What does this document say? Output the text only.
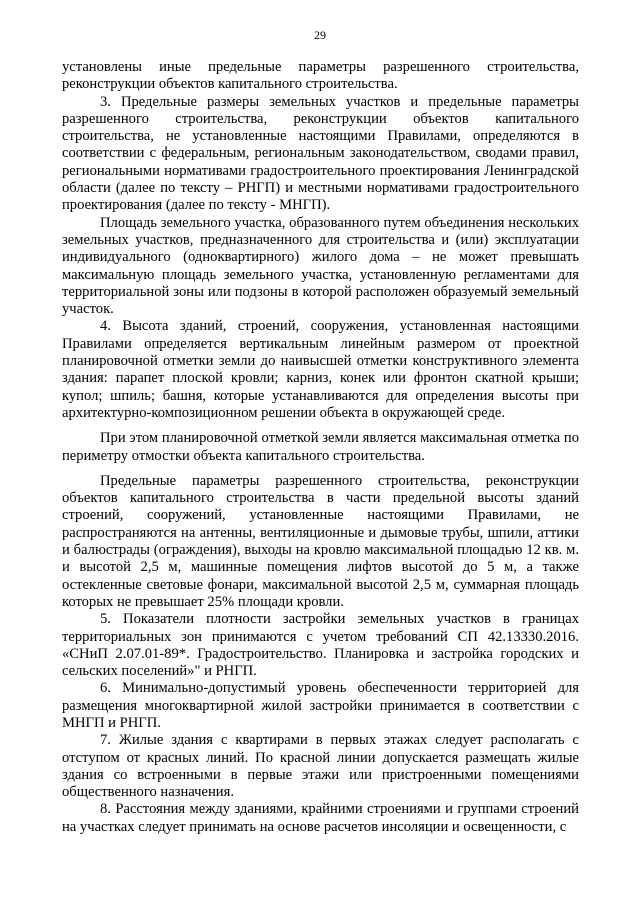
29

установлены иные предельные параметры разрешенного строительства, реконструкции объектов капитального строительства.

3. Предельные размеры земельных участков и предельные параметры разрешенного строительства, реконструкции объектов капитального строительства, не установленные настоящими Правилами, определяются в соответствии с федеральным, региональным законодательством, сводами правил, региональными нормативами градостроительного проектирования Ленинградской области (далее по тексту – РНГП) и местными нормативами градостроительного проектирования (далее по тексту - МНГП).

Площадь земельного участка, образованного путем объединения нескольких земельных участков, предназначенного для строительства и (или) эксплуатации индивидуального (одноквартирного) жилого дома – не может превышать максимальную площадь земельного участка, установленную регламентами для территориальной зоны или подзоны в которой расположен образуемый земельный участок.

4. Высота зданий, строений, сооружения, установленная настоящими Правилами определяется вертикальным линейным размером от проектной планировочной отметки земли до наивысшей отметки конструктивного элемента здания: парапет плоской кровли; карниз, конек или фронтон скатной крыши; купол; шпиль; башня, которые устанавливаются для определения высоты при архитектурно-композиционном решении объекта в окружающей среде.

При этом планировочной отметкой земли является максимальная отметка по периметру отмостки объекта капитального строительства.

Предельные параметры разрешенного строительства, реконструкции объектов капитального строительства в части предельной высоты зданий строений, сооружений, установленные настоящими Правилами, не распространяются на антенны, вентиляционные и дымовые трубы, шпили, аттики и балюстрады (ограждения), выходы на кровлю максимальной площадью 12 кв. м. и высотой 2,5 м, машинные помещения лифтов высотой до 5 м, а также остекленные световые фонари, максимальной высотой 2,5 м, суммарная площадь которых не превышает 25% площади кровли.

5. Показатели плотности застройки земельных участков в границах территориальных зон принимаются с учетом требований СП 42.13330.2016. «СНиП 2.07.01-89*. Градостроительство. Планировка и застройка городских и сельских поселений»" и РНГП.

6. Минимально-допустимый уровень обеспеченности территорией для размещения многоквартирной жилой застройки принимается в соответствии с МНГП и РНГП.

7. Жилые здания с квартирами в первых этажах следует располагать с отступом от красных линий. По красной линии допускается размещать жилые здания со встроенными в первые этажи или пристроенными помещениями общественного назначения.

8. Расстояния между зданиями, крайними строениями и группами строений на участках следует принимать на основе расчетов инсоляции и освещенности, с
